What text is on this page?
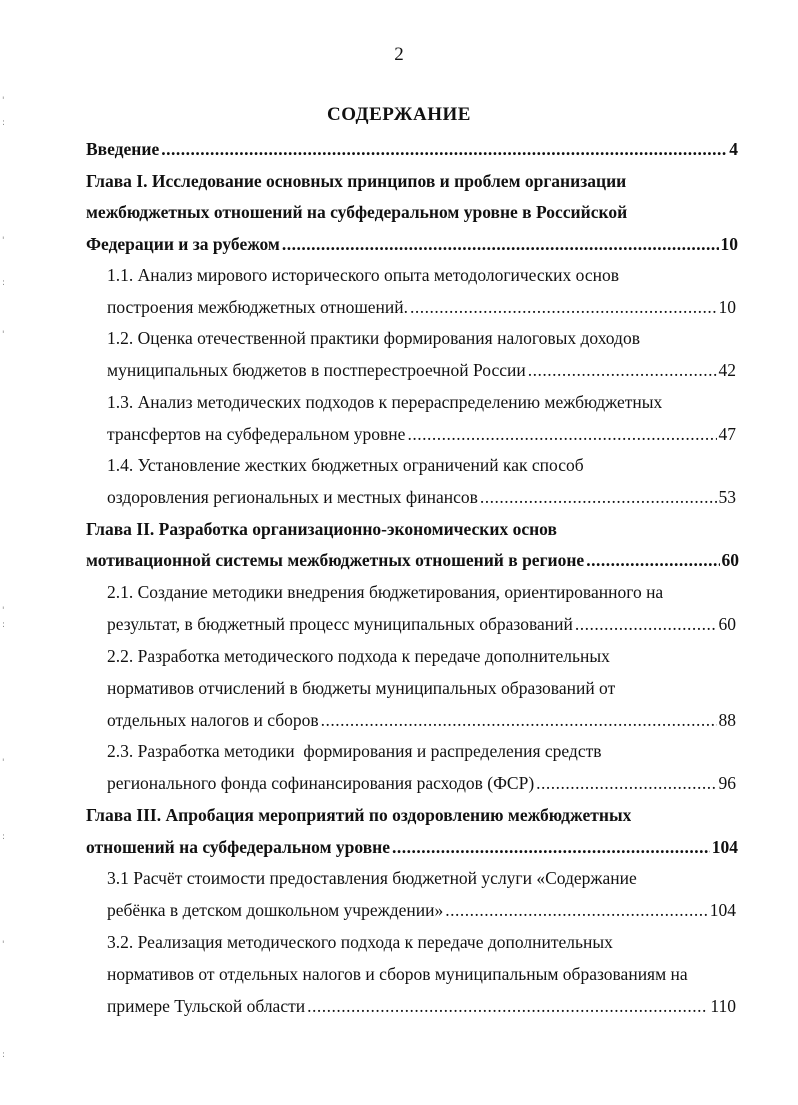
2
СОДЕРЖАНИЕ
Введение .....	4
Глава I. Исследование основных принципов и проблем организации
межбюджетных отношений на субфедеральном уровне в Российской
Федерации и за рубежом .....	10
1.1. Анализ мирового исторического опыта методологических основ
построения межбюджетных отношений. .....	10
1.2. Оценка отечественной практики формирования налоговых доходов
муниципальных бюджетов в постперестроечной России .....	42
1.3. Анализ методических подходов к перераспределению межбюджетных
трансфертов на субфедеральном уровне .....	47
1.4. Установление жестких бюджетных ограничений как способ
оздоровления региональных и местных финансов .....	53
Глава II. Разработка организационно-экономических основ
мотивационной системы межбюджетных отношений в регионе .....	60
2.1. Создание методики внедрения бюджетирования, ориентированного на
результат, в бюджетный процесс муниципальных образований .....	60
2.2. Разработка методического подхода к передаче дополнительных
нормативов отчислений в бюджеты муниципальных образований от
отдельных налогов и сборов .....	88
2.3. Разработка методики  формирования и распределения средств
регионального фонда софинансирования расходов (ФСР) .....	96
Глава III. Апробация мероприятий по оздоровлению межбюджетных
отношений на субфедеральном уровне .....	104
3.1 Расчёт стоимости предоставления бюджетной услуги «Содержание
ребёнка в детском дошкольном учреждении» .....	104
3.2. Реализация методического подхода к передаче дополнительных
нормативов от отдельных налогов и сборов муниципальным образованиям на
примере Тульской области .....	110
'
:
'
:
'
'
:
'
:
'
:
